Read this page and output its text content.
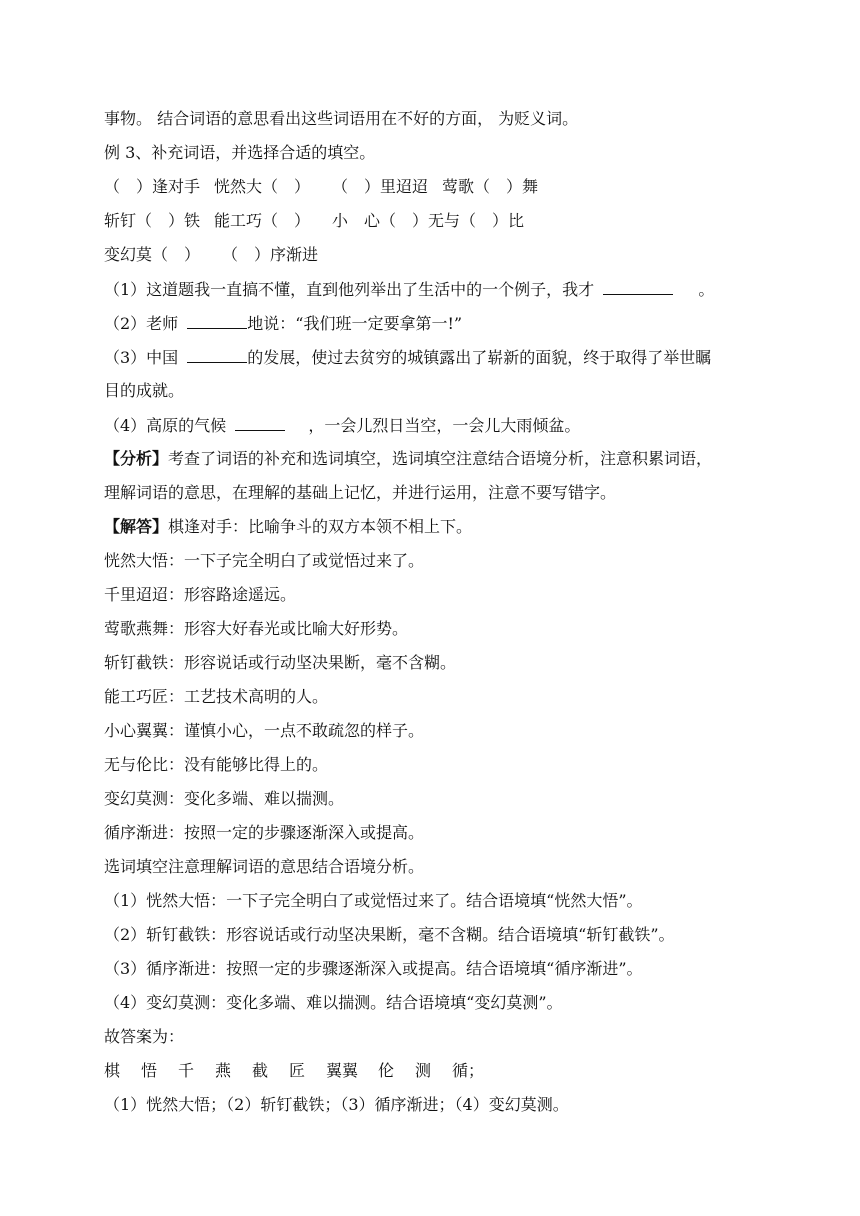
事物。 结合词语的意思看出这些词语用在不好的方面， 为贬义词。
例 3、补充词语，并选择合适的填空。
（　）逢对手 恍然大（　） （　）里迢迢 莺歌（　）舞
斩钉（　）铁 能工巧（　） 小　心（　）无与（　）比
变幻莫（　） （　）序渐进
（1）这道题我一直搞不懂，直到他列举出了生活中的一个例子，我才	。
（2）老师	地说：“我们班一定要拿第一!”
（3）中国	的发展，使过去贫穷的城镇露出了崭新的面貌，终于取得了举世瞩
目的成就。
（4）高原的气候	，一会儿烈日当空，一会儿大雨倾盆。
【分析】考查了词语的补充和选词填空，选词填空注意结合语境分析，注意积累词语，
理解词语的意思，在理解的基础上记忆，并进行运用，注意不要写错字。
【解答】棋逢对手：比喻争斗的双方本领不相上下。
恍然大悟：一下子完全明白了或觉悟过来了。
千里迢迢：形容路途遥远。
莺歌燕舞：形容大好春光或比喻大好形势。
斩钉截铁：形容说话或行动坚决果断，毫不含糊。
能工巧匠：工艺技术高明的人。
小心翼翼：谨慎小心，一点不敢疏忽的样子。
无与伦比：没有能够比得上的。
变幻莫测：变化多端、难以揣测。
循序渐进：按照一定的步骤逐渐深入或提高。
选词填空注意理解词语的意思结合语境分析。
（1）恍然大悟：一下子完全明白了或觉悟过来了。结合语境填“恍然大悟”。
（2）斩钉截铁：形容说话或行动坚决果断，毫不含糊。结合语境填“斩钉截铁”。
（3）循序渐进：按照一定的步骤逐渐深入或提高。结合语境填“循序渐进”。
（4）变幻莫测：变化多端、难以揣测。结合语境填“变幻莫测”。
故答案为：
棋 悟 千 燕 截 匠 翼翼 伦 测 循；
（1）恍然大悟；（2）斩钉截铁；（3）循序渐进；（4）变幻莫测。
